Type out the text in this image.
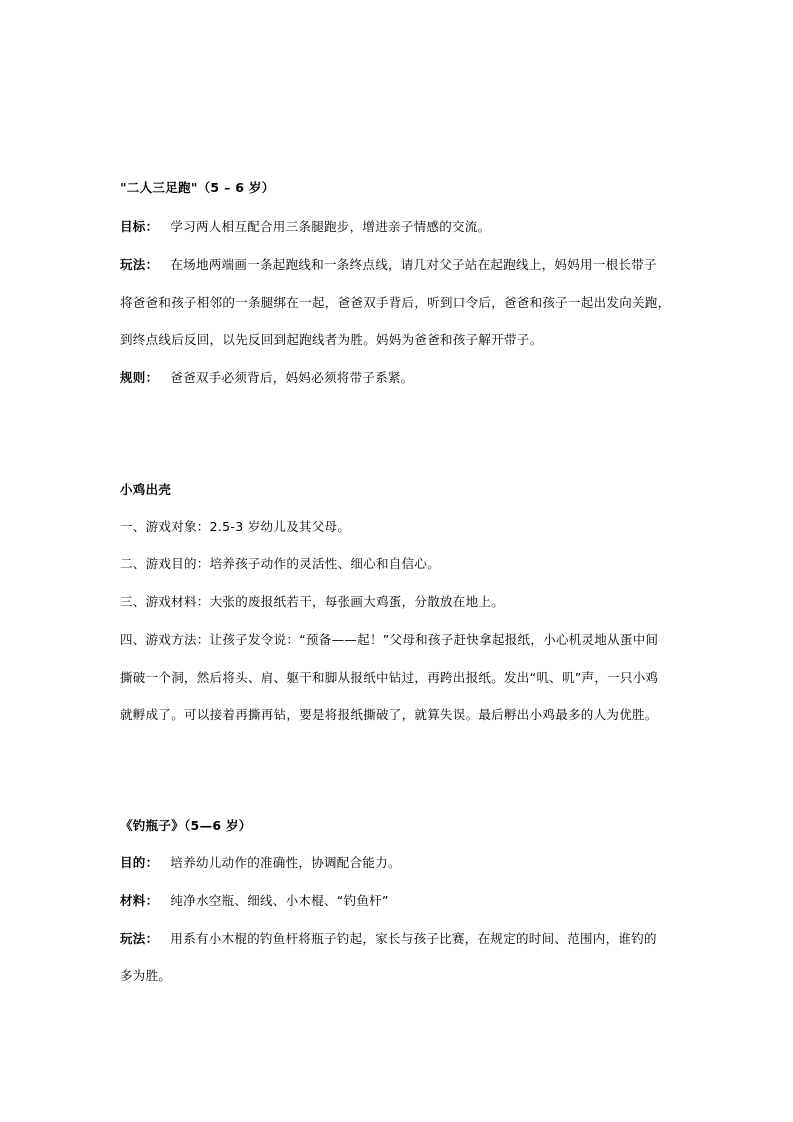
"二人三足跑"（5 – 6 岁）
目标： 学习两人相互配合用三条腿跑步，增进亲子情感的交流。
玩法： 在场地两端画一条起跑线和一条终点线，请几对父子站在起跑线上，妈妈用一根长带子
将爸爸和孩子相邻的一条腿绑在一起，爸爸双手背后，听到口令后，爸爸和孩子一起出发向关跑，
到终点线后反回，以先反回到起跑线者为胜。妈妈为爸爸和孩子解开带子。
规则： 爸爸双手必须背后，妈妈必须将带子系紧。
小鸡出壳
一、游戏对象：2.5-3 岁幼儿及其父母。
二、游戏目的：培养孩子动作的灵活性、细心和自信心。
三、游戏材料：大张的废报纸若干，每张画大鸡蛋，分散放在地上。
四、游戏方法：让孩子发令说：“预备——起！”父母和孩子赶快拿起报纸，小心机灵地从蛋中间
撕破一个洞，然后将头、肩、躯干和脚从报纸中钻过，再跨出报纸。发出“叽、叽”声，一只小鸡
就孵成了。可以接着再撕再钻，要是将报纸撕破了，就算失误。最后孵出小鸡最多的人为优胜。
《钓瓶子》（5—6 岁）
目的： 培养幼儿动作的准确性，协调配合能力。
材料： 纯净水空瓶、细线、小木棍、“钓鱼杆”
玩法： 用系有小木棍的钓鱼杆将瓶子钓起，家长与孩子比赛，在规定的时间、范围内，谁钓的
多为胜。
